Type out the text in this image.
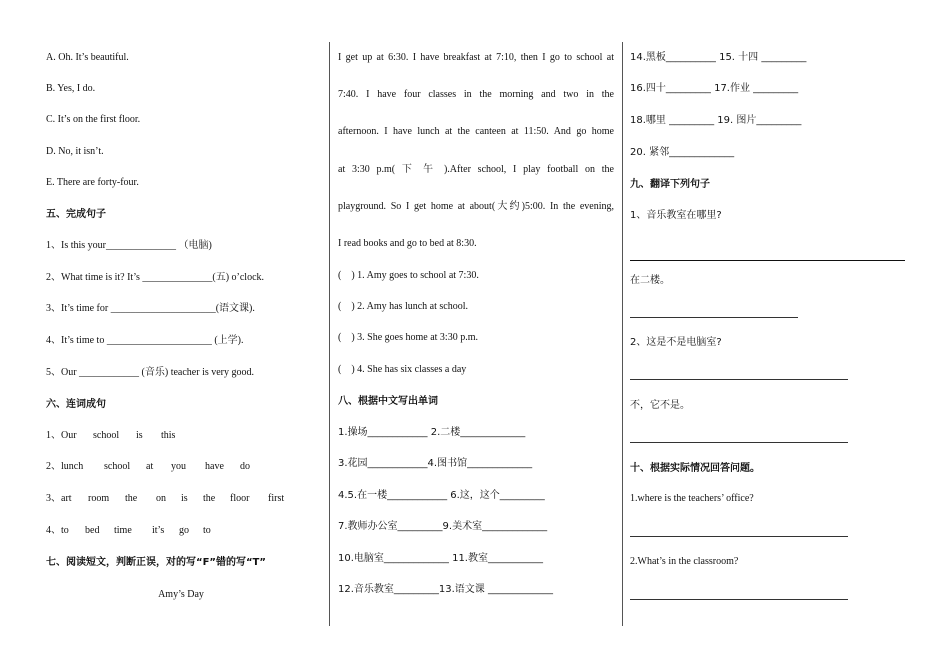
A. Oh. It’s beautiful.
B. Yes, I do.
C. It’s on the first floor.
D. No, it isn’t.
E. There are forty-four.
五、完成句子
1、Is this your______________ （电脑)
2、What time is it? It’s ______________(五) o’clock.
3、It’s time for _____________________(语文课).
4、It’s time to _____________________ (上学).
5、Our ____________ (音乐) teacher is very good.
六、连词成句

1、Our

school

is

this

2、lunch

school

at

you

have

do

3、art

room

the

on

is

the

floor

first

4、to

bed

time

it’s

go

to

七、阅读短文，判断正误，对的写“F”错的写“T”
Amy’s Day
I get up at 6:30. I have breakfast at 7:10, then I go to school at
7:40. I have four classes in the morning and two in the
afternoon. I have lunch at the canteen at 11:50. And go home
at 3:30 p.m( 下 午 ).After school, I play football on the
playground. So I get home at about(大约)5:00. In the evening,
I read books and go to bed at 8:30.
(    ) 1. Amy goes to school at 7:30.
(    ) 2. Amy has lunch at school.
(    ) 3. She goes home at 3:30 p.m.
(    ) 4. She has six classes a day
八、根据中文写出单词
1.操场____________ 2.二楼_____________
3.花园____________4.图书馆_____________
4.5.在一楼____________ 6.这，这个_________
7.教师办公室_________9.美术室_____________
10.电脑室_____________ 11.教室___________
12.音乐教室_________13.语文课 _____________
14.黑板__________ 15. 十四 _________
16.四十_________ 17.作业 _________
18.哪里 _________ 19. 图片_________
20. 紧邻_____________
九、翻译下列句子
1、音乐教室在哪里?
在二楼。
2、这是不是电脑室?
不，它不是。
十、根据实际情况回答问题。
1.where is the teachers’ office?
2.What’s in the classroom?
